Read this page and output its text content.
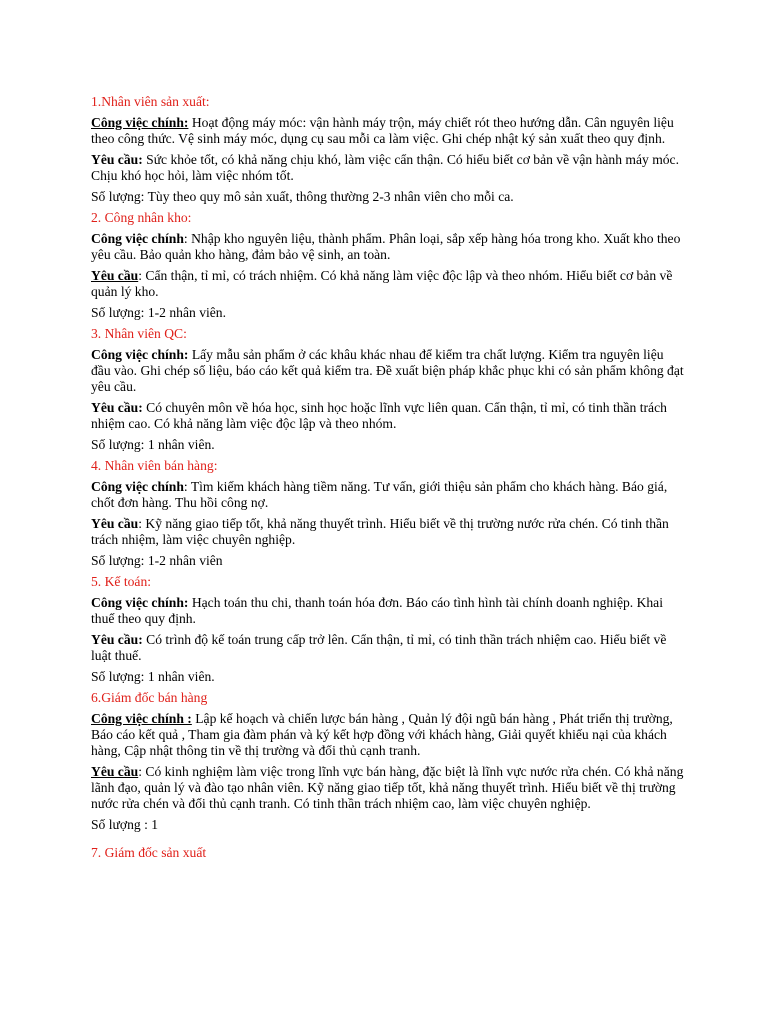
1.Nhân viên sản xuất:
Công việc chính: Hoạt động máy móc: vận hành máy trộn, máy chiết rót theo hướng dẫn. Cân nguyên liệu theo công thức. Vệ sinh máy móc, dụng cụ sau mỗi ca làm việc. Ghi chép nhật ký sản xuất theo quy định.
Yêu cầu: Sức khỏe tốt, có khả năng chịu khó, làm việc cẩn thận. Có hiểu biết cơ bản về vận hành máy móc. Chịu khó học hỏi, làm việc nhóm tốt.
Số lượng: Tùy theo quy mô sản xuất, thông thường 2-3 nhân viên cho mỗi ca.
2. Công nhân kho:
Công việc chính: Nhập kho nguyên liệu, thành phẩm. Phân loại, sắp xếp hàng hóa trong kho. Xuất kho theo yêu cầu. Bảo quản kho hàng, đảm bảo vệ sinh, an toàn.
Yêu cầu: Cẩn thận, tỉ mỉ, có trách nhiệm. Có khả năng làm việc độc lập và theo nhóm. Hiểu biết cơ bản về quản lý kho.
Số lượng: 1-2 nhân viên.
3. Nhân viên QC:
Công việc chính: Lấy mẫu sản phẩm ở các khâu khác nhau để kiểm tra chất lượng. Kiểm tra nguyên liệu đầu vào. Ghi chép số liệu, báo cáo kết quả kiểm tra. Đề xuất biện pháp khắc phục khi có sản phẩm không đạt yêu cầu.
Yêu cầu: Có chuyên môn về hóa học, sinh học hoặc lĩnh vực liên quan. Cẩn thận, tỉ mỉ, có tinh thần trách nhiệm cao. Có khả năng làm việc độc lập và theo nhóm.
Số lượng: 1 nhân viên.
4. Nhân viên bán hàng:
Công việc chính: Tìm kiếm khách hàng tiềm năng. Tư vấn, giới thiệu sản phẩm cho khách hàng. Báo giá, chốt đơn hàng. Thu hồi công nợ.
Yêu cầu: Kỹ năng giao tiếp tốt, khả năng thuyết trình. Hiểu biết về thị trường nước rửa chén. Có tinh thần trách nhiệm, làm việc chuyên nghiệp.
Số lượng: 1-2 nhân viên
5. Kế toán:
Công việc chính: Hạch toán thu chi, thanh toán hóa đơn. Báo cáo tình hình tài chính doanh nghiệp. Khai thuế theo quy định.
Yêu cầu: Có trình độ kế toán trung cấp trở lên. Cẩn thận, tỉ mỉ, có tinh thần trách nhiệm cao. Hiểu biết về luật thuế.
Số lượng: 1 nhân viên.
6.Giám đốc bán hàng
Công việc chính : Lập kế hoạch và chiến lược bán hàng , Quản lý đội ngũ bán hàng , Phát triển thị trường, Báo cáo kết quả , Tham gia đàm phán và ký kết hợp đồng với khách hàng, Giải quyết khiếu nại của khách hàng, Cập nhật thông tin về thị trường và đối thủ cạnh tranh.
Yêu cầu: Có kinh nghiệm làm việc trong lĩnh vực bán hàng, đặc biệt là lĩnh vực nước rửa chén. Có khả năng lãnh đạo, quản lý và đào tạo nhân viên. Kỹ năng giao tiếp tốt, khả năng thuyết trình. Hiểu biết về thị trường nước rửa chén và đối thủ cạnh tranh. Có tinh thần trách nhiệm cao, làm việc chuyên nghiệp.
Số lượng : 1
7. Giám đốc sản xuất
